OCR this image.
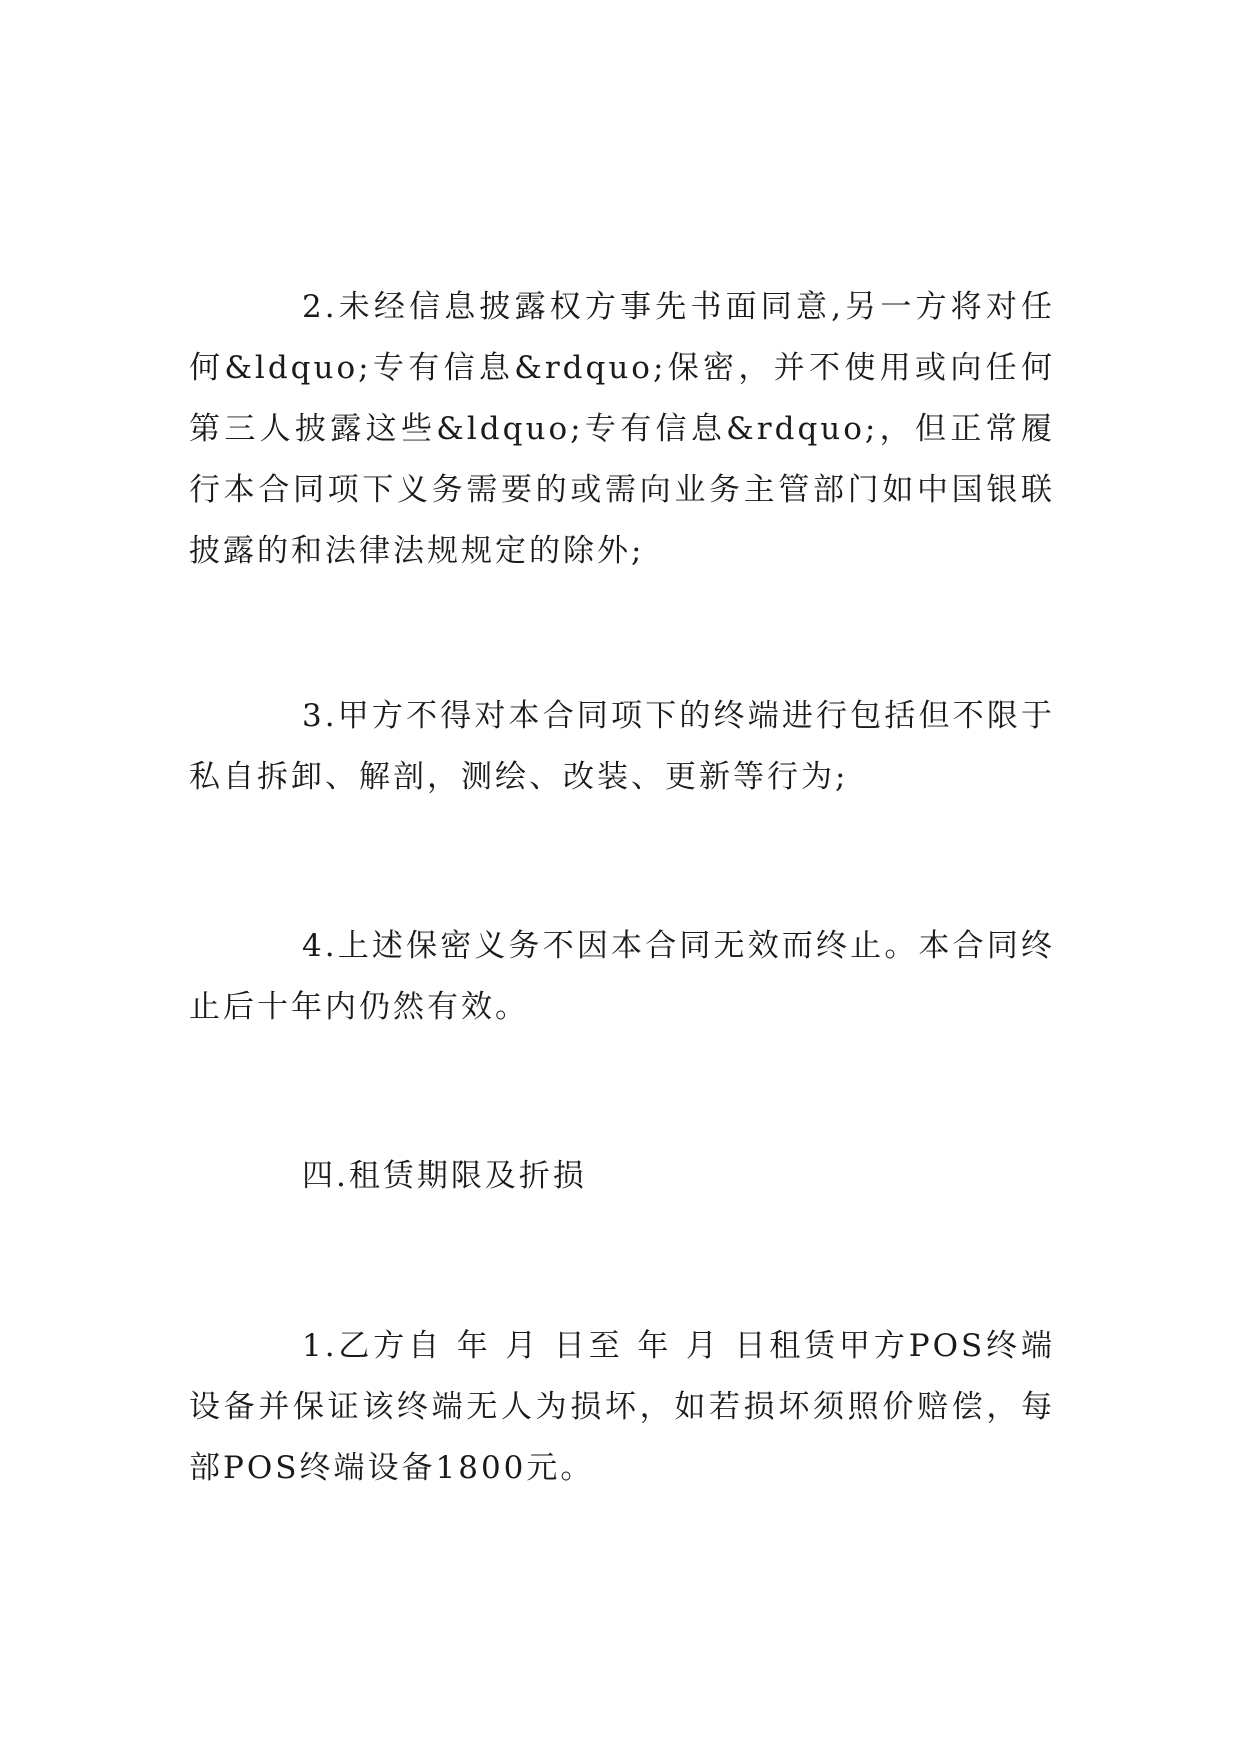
2.未经信息披露权方事先书面同意,另一方将对任何&ldquo;专有信息&rdquo;保密，并不使用或向任何第三人披露这些&ldquo;专有信息&rdquo;，但正常履行本合同项下义务需要的或需向业务主管部门如中国银联披露的和法律法规规定的除外;

3.甲方不得对本合同项下的终端进行包括但不限于私自拆卸、解剖，测绘、改装、更新等行为;

4.上述保密义务不因本合同无效而终止。本合同终止后十年内仍然有效。

四.租赁期限及折损

1.乙方自 年 月 日至 年 月 日租赁甲方POS终端设备并保证该终端无人为损坏，如若损坏须照价赔偿，每部POS终端设备1800元。
